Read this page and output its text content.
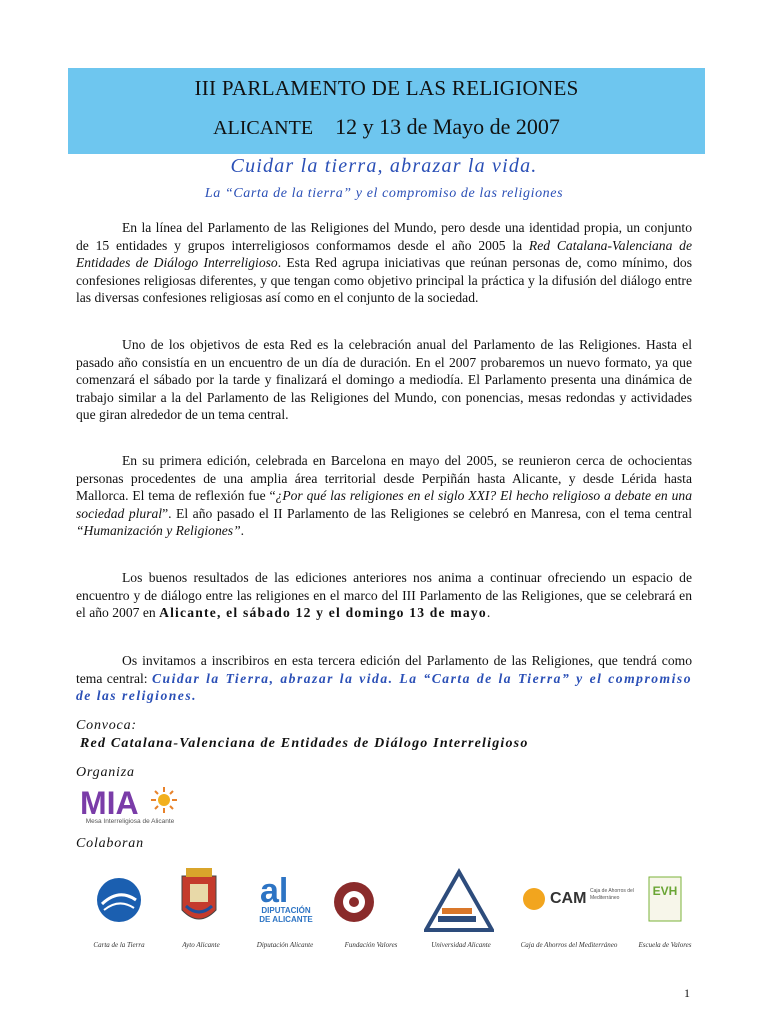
III PARLAMENTO DE LAS RELIGIONES
ALICANTE 12 y 13 de Mayo de 2007
Cuidar la tierra, abrazar la vida.
La “Carta de la tierra” y el compromiso de las religiones

En la línea del Parlamento de las Religiones del Mundo, pero desde una identidad propia, un conjunto de 15 entidades y grupos interreligiosos conformamos desde el año 2005 la Red Catalana-Valenciana de Entidades de Diálogo Interreligioso. Esta Red agrupa iniciativas que reúnan personas de, como mínimo, dos confesiones religiosas diferentes, y que tengan como objetivo principal la práctica y la difusión del diálogo entre las diversas confesiones religiosas así como en el conjunto de la sociedad.

Uno de los objetivos de esta Red es la celebración anual del Parlamento de las Religiones. Hasta el pasado año consistía en un encuentro de un día de duración. En el 2007 probaremos un nuevo formato, ya que comenzará el sábado por la tarde y finalizará el domingo a mediodía. El Parlamento presenta una dinámica de trabajo similar a la del Parlamento de las Religiones del Mundo, con ponencias, mesas redondas y actividades que giran alrededor de un tema central.

En su primera edición, celebrada en Barcelona en mayo del 2005, se reunieron cerca de ochocientas personas procedentes de una amplia área territorial desde Perpiñán hasta Alicante, y desde Lérida hasta Mallorca. El tema de reflexión fue “¿Por qué las religiones en el siglo XXI? El hecho religioso a debate en una sociedad plural”. El año pasado el II Parlamento de las Religiones se celebró en Manresa, con el tema central “Humanización y Religiones”.

Los buenos resultados de las ediciones anteriores nos anima a continuar ofreciendo un espacio de encuentro y de diálogo entre las religiones en el marco del III Parlamento de las Religiones, que se celebrará en el año 2007 en Alicante, el sábado 12 y el domingo 13 de mayo.

Os invitamos a inscribiros en esta tercera edición del Parlamento de las Religiones, que tendrá como tema central: Cuidar la Tierra, abrazar la vida. La “Carta de la Tierra” y el compromiso de las religiones.

Convoca:
Red Catalana-Valenciana de Entidades de Diálogo Interreligioso
Organiza
MIA
Mesa Interreligiosa de Alicante
Colaboran
al
DIPUTACIÓN DE ALICANTE
CAM Caja de Ahorros del Mediterráneo	EVH
Carta de la Tierra	Ayto Alicante	Diputación Alicante	Fundación Valores	Universidad Alicante	Caja de Ahorros del Mediterráneo	Escuela de Valores
1
